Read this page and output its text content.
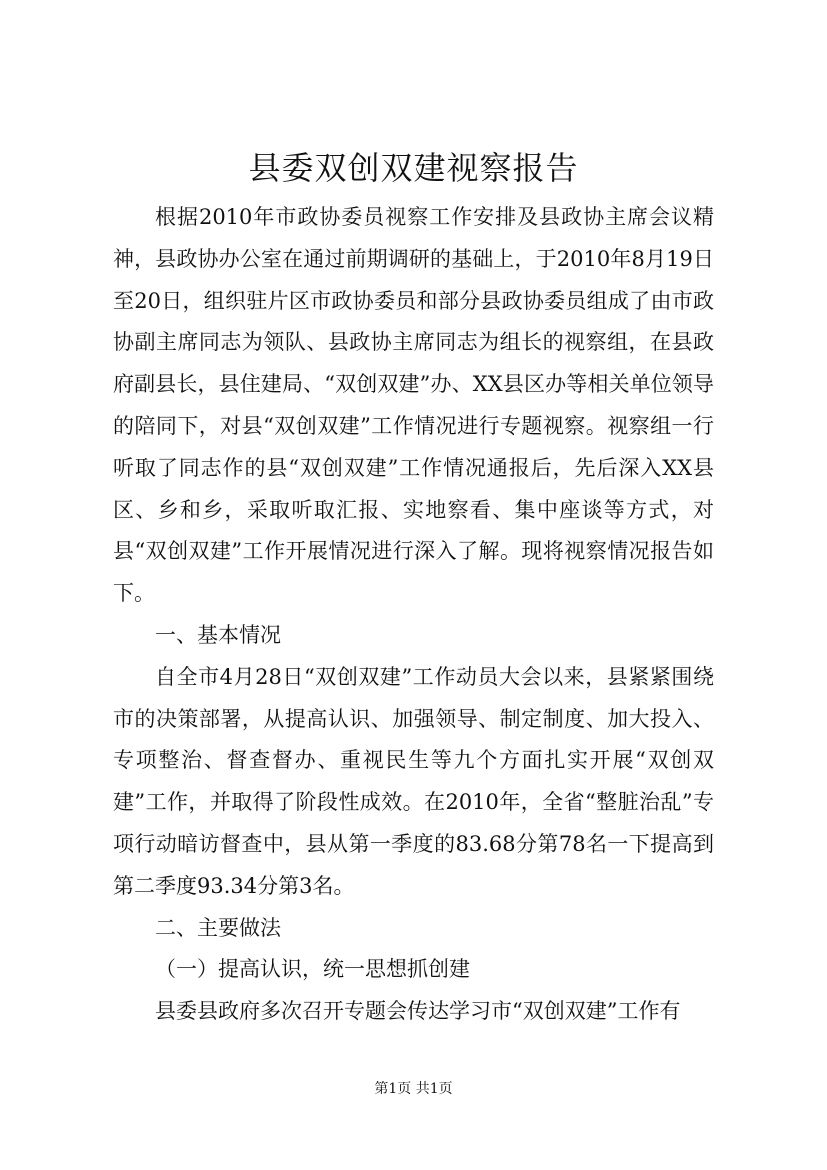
县委双创双建视察报告

根据2010年市政协委员视察工作安排及县政协主席会议精神，县政协办公室在通过前期调研的基础上，于2010年8月19日至20日，组织驻片区市政协委员和部分县政协委员组成了由市政协副主席同志为领队、县政协主席同志为组长的视察组，在县政府副县长，县住建局、“双创双建”办、XX县区办等相关单位领导的陪同下，对县“双创双建”工作情况进行专题视察。视察组一行听取了同志作的县“双创双建”工作情况通报后，先后深入XX县区、乡和乡，采取听取汇报、实地察看、集中座谈等方式，对县“双创双建”工作开展情况进行深入了解。现将视察情况报告如下。

一、基本情况

自全市4月28日“双创双建”工作动员大会以来，县紧紧围绕市的决策部署，从提高认识、加强领导、制定制度、加大投入、专项整治、督查督办、重视民生等九个方面扎实开展“双创双建”工作，并取得了阶段性成效。在2010年，全省“整脏治乱”专项行动暗访督查中，县从第一季度的83.68分第78名一下提高到第二季度93.34分第3名。

二、主要做法

（一）提高认识，统一思想抓创建

县委县政府多次召开专题会传达学习市“双创双建”工作有

第1页 共1页
